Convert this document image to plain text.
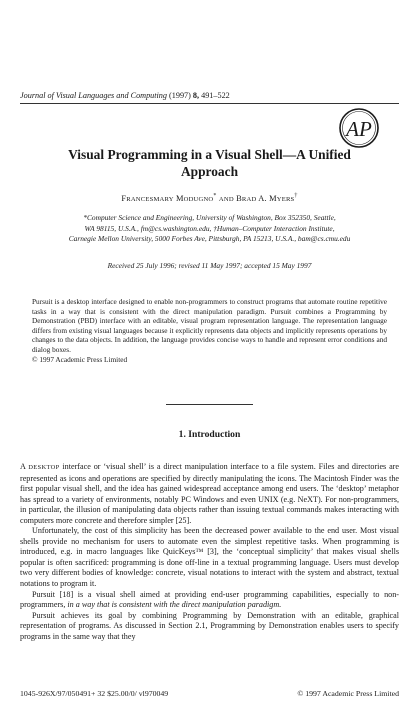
Journal of Visual Languages and Computing (1997) 8, 491–522
AP
Visual Programming in a Visual Shell—A Unified
Approach
FRANCESMARY MODUGNO* AND BRAD A. MYERS†
*Computer Science and Engineering, University of Washington, Box 352350, Seattle,
WA 98115, U.S.A., fm@cs.washington.edu, †Human–Computer Interaction Institute,
Carnegie Mellon University, 5000 Forbes Ave, Pittsburgh, PA 15213, U.S.A., bam@cs.cmu.edu
Received 25 July 1996; revised 11 May 1997; accepted 15 May 1997
Pursuit is a desktop interface designed to enable non-programmers to construct programs that automate routine repetitive tasks in a way that is consistent with the direct manipulation paradigm. Pursuit combines a Programming by Demonstration (PBD) interface with an editable, visual program representation language. The representation language differs from existing visual languages because it explicitly represents data objects and implicitly represents operations by changes to the data objects. In addition, the language provides concise ways to handle and represent error conditions and dialog boxes.
© 1997 Academic Press Limited
1. Introduction

A DESKTOP interface or ‘visual shell’ is a direct manipulation interface to a file system. Files and directories are represented as icons and operations are specified by directly manipulating the icons. The Macintosh Finder was the first popular visual shell, and the idea has gained widespread acceptance among end users. The ‘desktop’ metaphor has spread to a variety of environments, notably PC Windows and even UNIX (e.g. NeXT). For non-programmers, in particular, the illusion of manipulating data objects rather than issuing textual commands makes interacting with computers more concrete and therefore simpler [25].

Unfortunately, the cost of this simplicity has been the decreased power available to the end user. Most visual shells provide no mechanism for users to automate even the simplest repetitive tasks. When programming is introduced, e.g. in macro languages like QuicKeys™ [3], the ‘conceptual simplicity’ that makes visual shells popular is often sacrificed: programming is done off-line in a textual programming language. Users must develop two very different bodies of knowledge: concrete, visual notations to interact with the system and abstract, textual notations to program it.

Pursuit [18] is a visual shell aimed at providing end-user programming capabilities, especially to non-programmers, in a way that is consistent with the direct manipulation paradigm.

Pursuit achieves its goal by combining Programming by Demonstration with an editable, graphical representation of programs. As discussed in Section 2.1, Programming by Demonstration enables users to specify programs in the same way that they

1045-926X/97/050491+ 32 $25.00/0/ vl970049	© 1997 Academic Press Limited
